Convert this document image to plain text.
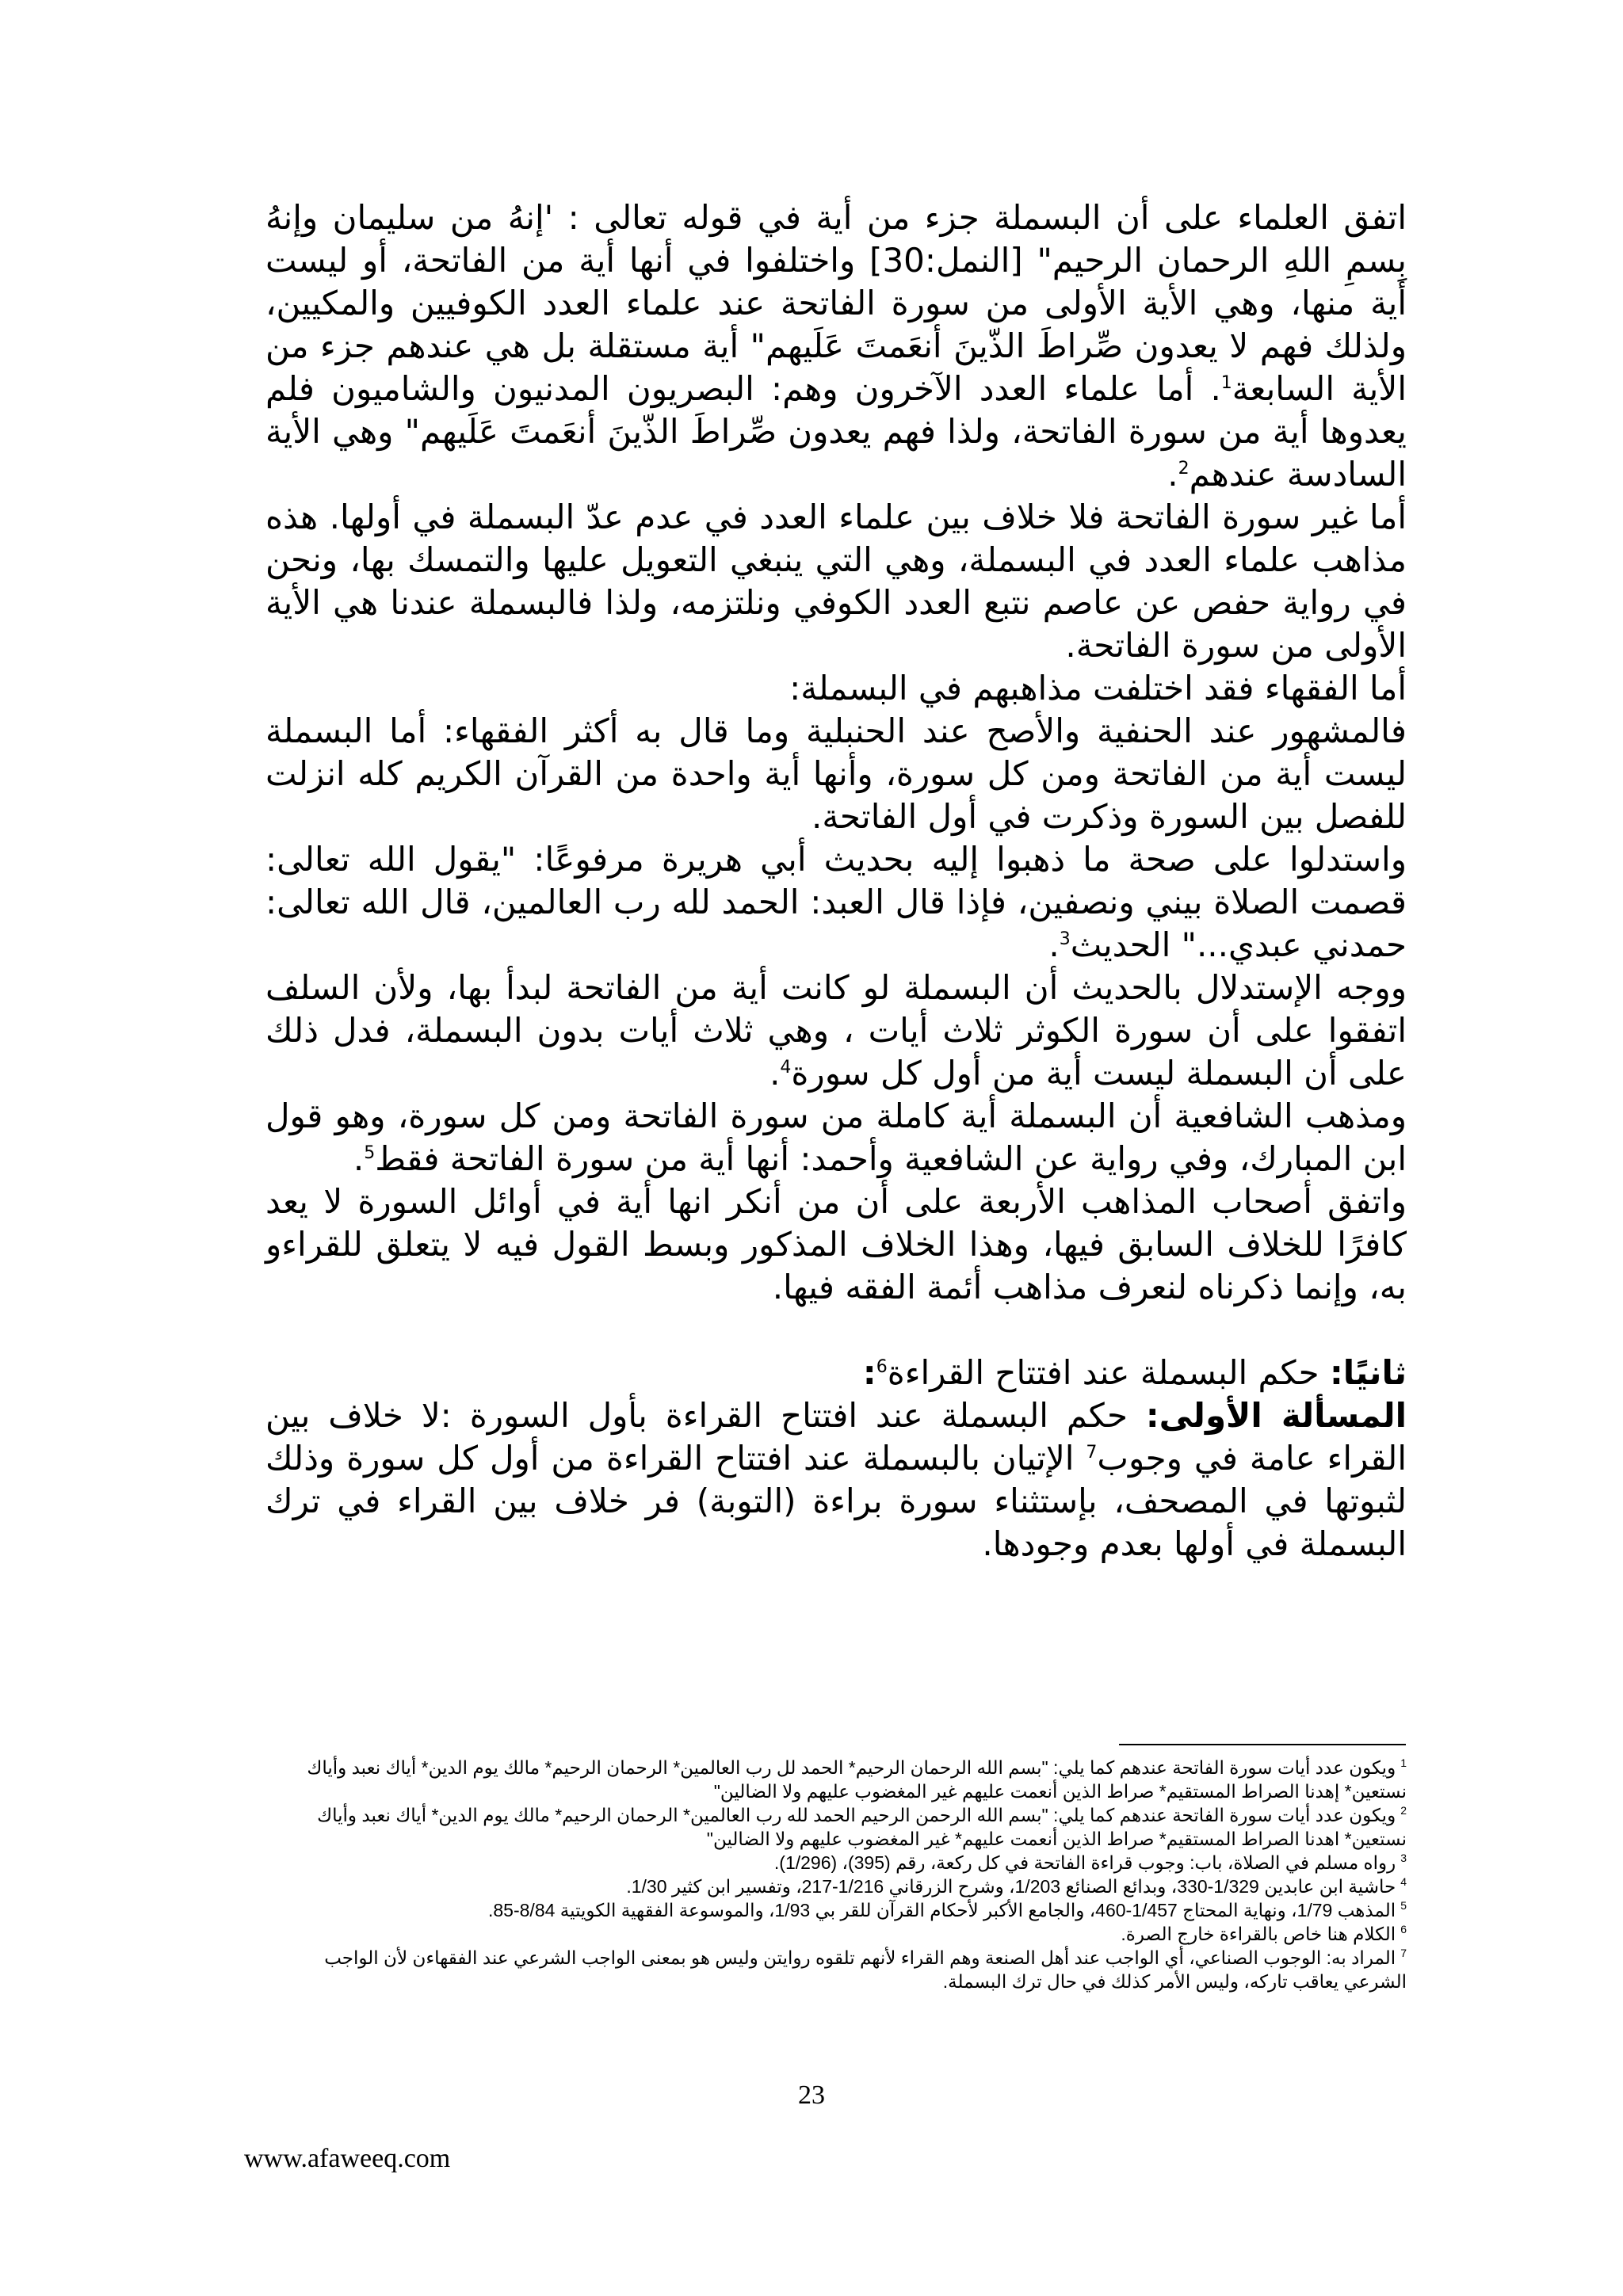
اتفق العلماء على أن البسملة جزء من أية في قوله تعالى : 'إنهُ من سليمان وإنهُ بِسمِ اللهِ الرحمان الرحيم" [النمل:30] واختلفوا في أنها أية من الفاتحة، أو ليست أية منها، وهي الأية الأولى من سورة الفاتحة عند علماء العدد الكوفيين والمكيين، ولذلك فهم لا يعدون صِّراطَ الذّينَ أنعَمتَ عَلَيهم" أية مستقلة بل هي عندهم جزء من الأية السابعة$^1$. أما علماء العدد الآخرون وهم: البصريون المدنيون والشاميون فلم يعدوها أية من سورة الفاتحة، ولذا فهم يعدون صِّراطَ الذّينَ أنعَمتَ عَلَيهم" وهي الأية السادسة عندهم$^2$.

أما غير سورة الفاتحة فلا خلاف بين علماء العدد في عدم عدّ البسملة في أولها. هذه مذاهب علماء العدد في البسملة، وهي التي ينبغي التعويل عليها والتمسك بها، ونحن في رواية حفص عن عاصم نتبع العدد الكوفي ونلتزمه، ولذا فالبسملة عندنا هي الأية الأولى من سورة الفاتحة.

أما الفقهاء فقد اختلفت مذاهبهم في البسملة:

فالمشهور عند الحنفية والأصح عند الحنبلية وما قال به أكثر الفقهاء: أما البسملة ليست أية من الفاتحة ومن كل سورة، وأنها أية واحدة من القرآن الكريم كله انزلت للفصل بين السورة وذكرت في أول الفاتحة.

واستدلوا على صحة ما ذهبوا إليه بحديث أبي هريرة مرفوعًا: "يقول الله تعالى: قصمت الصلاة بيني ونصفين، فإذا قال العبد: الحمد لله رب العالمين، قال الله تعالى: حمدني عبدي..." الحديث$^3$.

ووجه الإستدلال بالحديث أن البسملة لو كانت أية من الفاتحة لبدأ بها، ولأن السلف اتفقوا على أن سورة الكوثر ثلاث أيات ، وهي ثلاث أيات بدون البسملة، فدل ذلك على أن البسملة ليست أية من أول كل سورة$^4$.

ومذهب الشافعية أن البسملة أية كاملة من سورة الفاتحة ومن كل سورة، وهو قول ابن المبارك، وفي رواية عن الشافعية وأحمد: أنها أية من سورة الفاتحة فقط$^5$.

واتفق أصحاب المذاهب الأربعة على أن من أنكر انها أية في أوائل السورة لا يعد كافرًا للخلاف السابق فيها، وهذا الخلاف المذكور وبسط القول فيه لا يتعلق للقراءو به، وإنما ذكرناه لنعرف مذاهب أئمة الفقه فيها.

ثانيًا: حكم البسملة عند افتتاح القراءة$^6$:

المسألة الأولى: حكم البسملة عند افتتاح القراءة بأول السورة :لا خلاف بين القراء عامة في وجوب$^7$ الإتيان بالبسملة عند افتتاح القراءة من أول كل سورة وذلك لثبوتها في المصحف، بإستثناء سورة براءة (التوبة) فر خلاف بين القراء في ترك البسملة في أولها بعدم وجودها.

$^1$ويكون عدد أيات سورة الفاتحة عندهم كما يلي: "بسم الله الرحمان الرحيم* الحمد لل رب العالمين* الرحمان الرحيم* مالك يوم الدين* أياك نعبد وأياك نستعين* إهدنا الصراط المستقيم* صراط الذين أنعمت عليهم غير المغضوب عليهم ولا الضالين"

$^2$ويكون عدد أيات سورة الفاتحة عندهم كما يلي: "بسم الله الرحمن الرحيم الحمد لله رب العالمين* الرحمان الرحيم* مالك يوم الدين* أياك نعبد وأياك نستعين* اهدنا الصراط المستقيم* صراط الذين أنعمت عليهم* غير المغضوب عليهم ولا الضالين"

$^3$رواه مسلم في الصلاة، باب: وجوب قراءة الفاتحة في كل ركعة، رقم (395)، (1/296).

$^4$حاشية ابن عابدين 1/329-330، وبدائع الصنائع 1/203، وشرح الزرقاني 1/216-217، وتفسير ابن كثير 1/30.

$^5$المذهب 1/79، ونهاية المحتاج 1/457-460، والجامع الأكبر لأحكام القرآن للقر بي 1/93، والموسوعة الفقهية الكويتية 8/84-85.

$^6$الكلام هنا خاص بالقراءة خارج الصرة.

$^7$المراد به: الوجوب الصناعي، أي الواجب عند أهل الصنعة وهم القراء لأنهم تلقوه روايتن وليس هو بمعنى الواجب الشرعي عند الفقهاءن لأن الواجب الشرعي يعاقب تاركه، وليس الأمر كذلك في حال ترك البسملة.

23
www.afaweeq.com
